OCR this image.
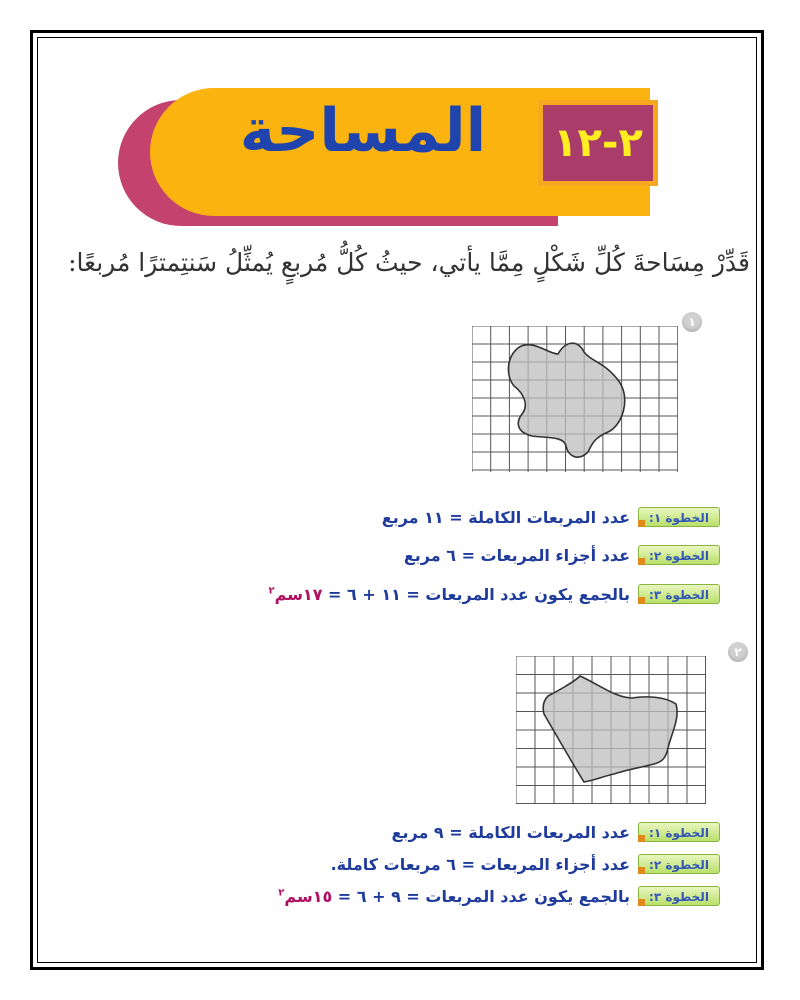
المساحة ٢-١٢
قَدِّرْ مِسَاحةَ كُلِّ شَكْلٍ مِمَّا يأتي، حيثُ كُلُّ مُربعٍ يُمثِّلُ سَنتِمترًا مُربعًا:
١
الخطوة ١:
عدد المربعات الكاملة = ١١ مربع
الخطوة ٢:
عدد أجزاء المربعات = ٦ مربع
الخطوة ٣:
بالجمع يكون عدد المربعات = ١١ + ٦ = ١٧سم$^٢$
٢
الخطوة ١:
عدد المربعات الكاملة = ٩ مربع
الخطوة ٢:
عدد أجزاء المربعات = ٦ مربعات كاملة.
الخطوة ٣:
بالجمع يكون عدد المربعات = ٩ + ٦ = ١٥سم$^٢$
